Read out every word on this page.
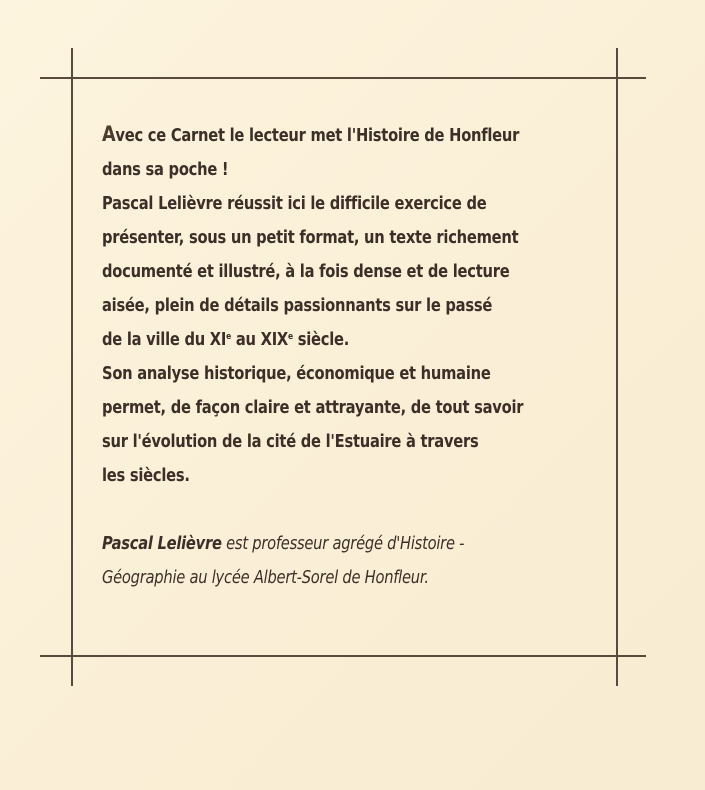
Avec ce Carnet le lecteur met l'Histoire de Honfleur
dans sa poche !
Pascal Lelièvre réussit ici le difficile exercice de
présenter, sous un petit format, un texte richement
documenté et illustré, à la fois dense et de lecture
aisée, plein de détails passionnants sur le passé
de la ville du XIe au XIXe siècle.
Son analyse historique, économique et humaine
permet, de façon claire et attrayante, de tout savoir
sur l'évolution de la cité de l'Estuaire à travers
les siècles.
Pascal Lelièvre est professeur agrégé d'Histoire -
Géographie au lycée Albert-Sorel de Honfleur.
